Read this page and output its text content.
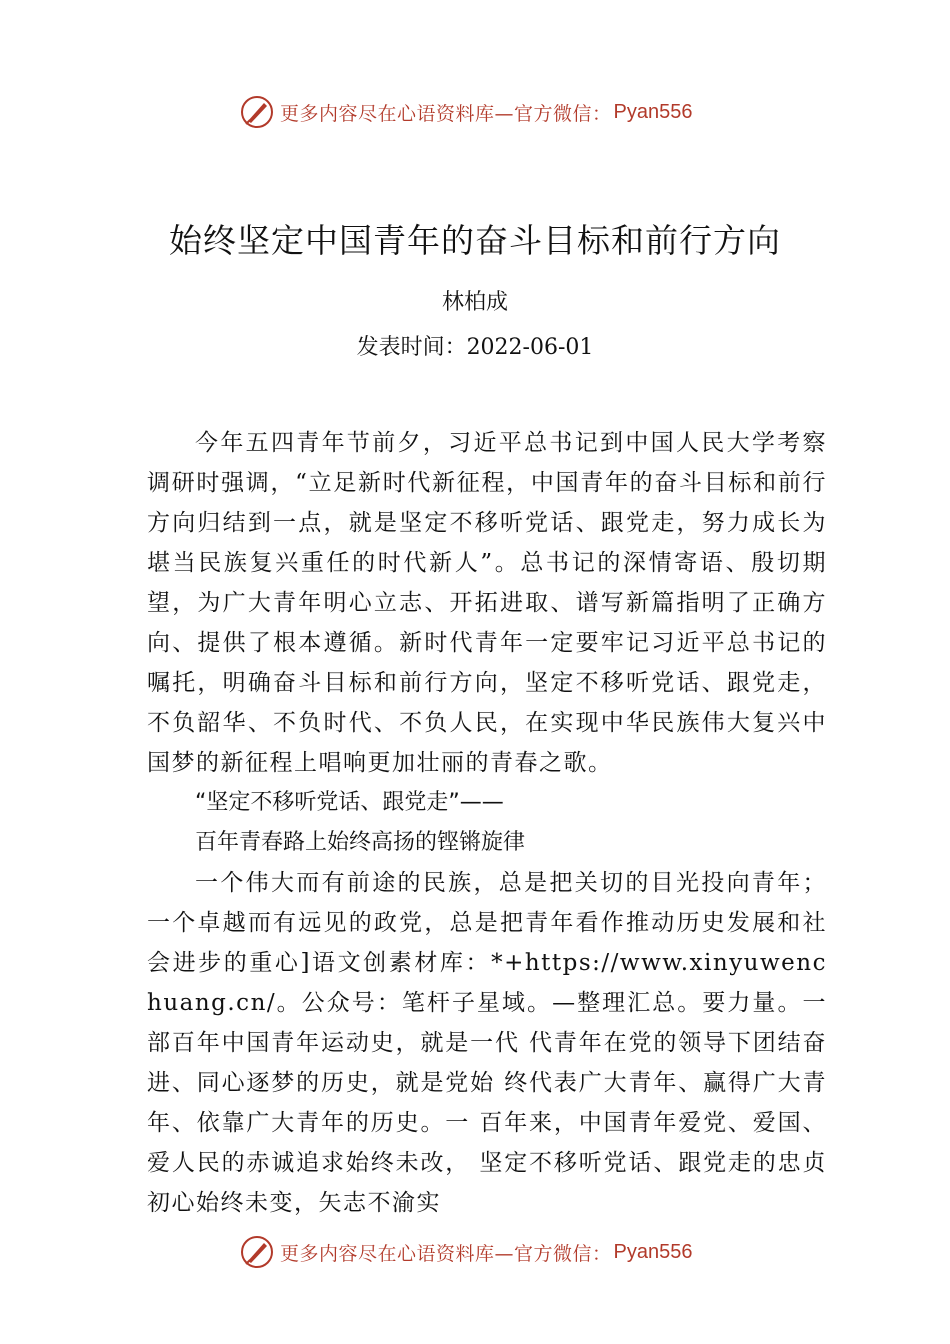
更多内容尽在心语资料库—官方微信： Pyan556
始终坚定中国青年的奋斗目标和前行方向
林柏成
发表时间：2022-06-01

今年五四青年节前夕，习近平总书记到中国人民大学考察调研时强调，“立足新时代新征程，中国青年的奋斗目标和前行方向归结到一点，就是坚定不移听党话、跟党走，努力成长为堪当民族复兴重任的时代新人”。总书记的深情寄语、殷切期望，为广大青年明心立志、开拓进取、谱写新篇指明了正确方向、提供了根本遵循。新时代青年一定要牢记习近平总书记的嘱托，明确奋斗目标和前行方向，坚定不移听党话、跟党走，不负韶华、不负时代、不负人民，在实现中华民族伟大复兴中国梦的新征程上唱响更加壮丽的青春之歌。

“坚定不移听党话、跟党走”——
百年青春路上始终高扬的铿锵旋律

一个伟大而有前途的民族，总是把关切的目光投向青年；一个卓越而有远见的政党，总是把青年看作推动历史发展和社会进步的重心]语文创素材库：*+https://www.xinyuwenchuang.cn/。公众号：笔杆子星域。—整理汇总。要力量。一部百年中国青年运动史，就是一代 代青年在党的领导下团结奋进、同心逐梦的历史，就是党始 终代表广大青年、赢得广大青年、依靠广大青年的历史。一 百年来，中国青年爱党、爱国、爱人民的赤诚追求始终未改， 坚定不移听党话、跟党走的忠贞初心始终未变，矢志不渝实

更多内容尽在心语资料库—官方微信： Pyan556
